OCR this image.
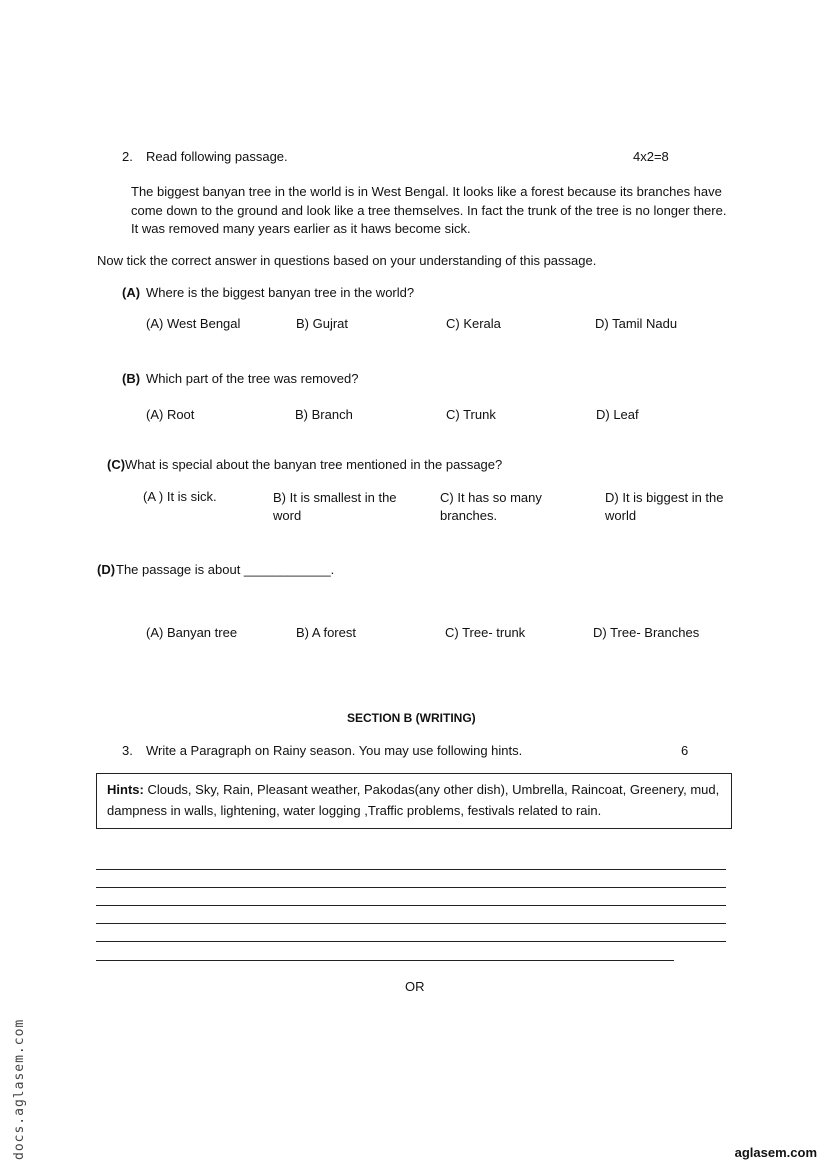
2. Read following passage.	4x2=8
The biggest banyan tree in the world is in West Bengal. It looks like a forest because its branches have come down to the ground and look like a tree themselves. In fact the trunk of the tree is no longer there. It was removed many years earlier as it haws become sick.
Now tick the correct answer in questions based on your understanding of this passage.
(A) Where is the biggest banyan tree in the world?
(A) West Bengal	B) Gujrat	C) Kerala	D) Tamil Nadu
(B) Which part of the tree was removed?
(A) Root	B) Branch	C) Trunk	D) Leaf
(C) What is special about the banyan tree mentioned in the passage?
(A ) It is sick.	B) It is smallest in the word
C) It has so many branches.
D) It is biggest in the world
(D) The passage is about ____________.
(A) Banyan tree	B) A forest	C) Tree- trunk	D) Tree- Branches
SECTION B (WRITING)
3. Write a Paragraph on Rainy season. You may use following hints.	6
Hints: Clouds, Sky, Rain, Pleasant weather, Pakodas(any other dish), Umbrella, Raincoat, Greenery, mud, dampness in walls, lightening, water logging ,Traffic problems, festivals related to rain.
OR
docs.aglasem.com	aglasem.com
